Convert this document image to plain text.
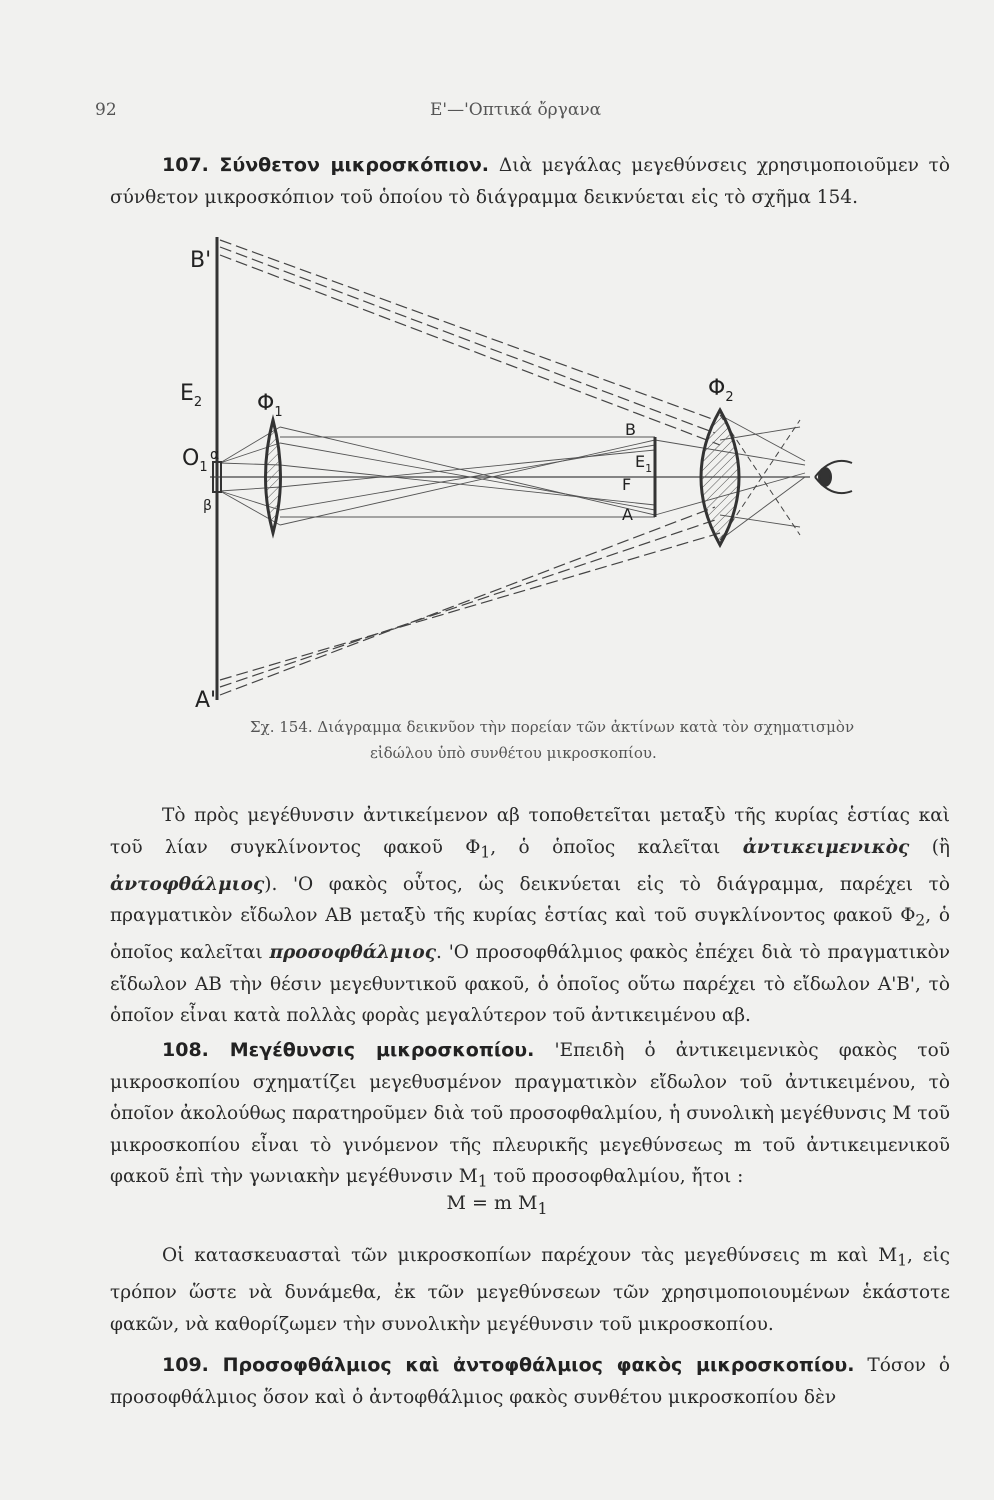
92	Ε'—'Οπτικά ὄργανα
107. Σύνθετον μικροσκόπιον. Διὰ μεγάλας μεγεθύνσεις χρησιμοποιοῦμεν τὸ σύνθετον μικροσκόπιον τοῦ ὁποίου τὸ διάγραμμα δεικνύεται εἰς τὸ σχῆμα 154.
B'
$E_2$
$O_1$
α
β
$\Phi_1$
$\Phi_2$
B
$E_1$
F
A
A'
Σχ. 154. Διάγραμμα δεικνῦον τὴν πορείαν τῶν ἀκτίνων κατὰ τὸν σχηματισμὸν
εἰδώλου ὑπὸ συνθέτου μικροσκοπίου.
Τὸ πρὸς μεγέθυνσιν ἀντικείμενον αβ τοποθετεῖται μεταξὺ τῆς κυρίας ἑστίας καὶ τοῦ λίαν συγκλίνοντος φακοῦ $\Phi_1$, ὁ ὁποῖος καλεῖται ἀντικειμενικὸς (ἢ ἀντοφθάλμιος). 'Ο φακὸς οὗτος, ὡς δεικνύεται εἰς τὸ διάγραμμα, παρέχει τὸ πραγματικὸν εἴδωλον ΑΒ μεταξὺ τῆς κυρίας ἑστίας καὶ τοῦ συγκλίνοντος φακοῦ $\Phi_2$, ὁ ὁποῖος καλεῖται προσοφθάλμιος. 'Ο προσοφθάλμιος φακὸς ἐπέχει διὰ τὸ πραγματικὸν εἴδωλον ΑΒ τὴν θέσιν μεγεθυντικοῦ φακοῦ, ὁ ὁποῖος οὕτω παρέχει τὸ εἴδωλον Α'Β', τὸ ὁποῖον εἶναι κατὰ πολλὰς φορὰς μεγαλύτερον τοῦ ἀντικειμένου αβ.
108. Μεγέθυνσις μικροσκοπίου. 'Επειδὴ ὁ ἀντικειμενικὸς φακὸς τοῦ μικροσκοπίου σχηματίζει μεγεθυσμένον πραγματικὸν εἴδωλον τοῦ ἀντικειμένου, τὸ ὁποῖον ἀκολούθως παρατηροῦμεν διὰ τοῦ προσοφθαλμίου, ἡ συνολικὴ μεγέθυνσις Μ τοῦ μικροσκοπίου εἶναι τὸ γινόμενον τῆς πλευρικῆς μεγεθύνσεως m τοῦ ἀντικειμενικοῦ φακοῦ ἐπὶ τὴν γωνιακὴν μεγέθυνσιν $M_1$ τοῦ προσοφθαλμίου, ἤτοι :
M = m $M_1$
Οἱ κατασκευασταὶ τῶν μικροσκοπίων παρέχουν τὰς μεγεθύνσεις m καὶ $M_1$, εἰς τρόπον ὥστε νὰ δυνάμεθα, ἐκ τῶν μεγεθύνσεων τῶν χρησιμοποιουμένων ἑκάστοτε φακῶν, νὰ καθορίζωμεν τὴν συνολικὴν μεγέθυνσιν τοῦ μικροσκοπίου.
109. Προσοφθάλμιος καὶ ἀντοφθάλμιος φακὸς μικροσκοπίου. Τόσον ὁ προσοφθάλμιος ὅσον καὶ ὁ ἀντοφθάλμιος φακὸς συνθέτου μικροσκοπίου δὲν
